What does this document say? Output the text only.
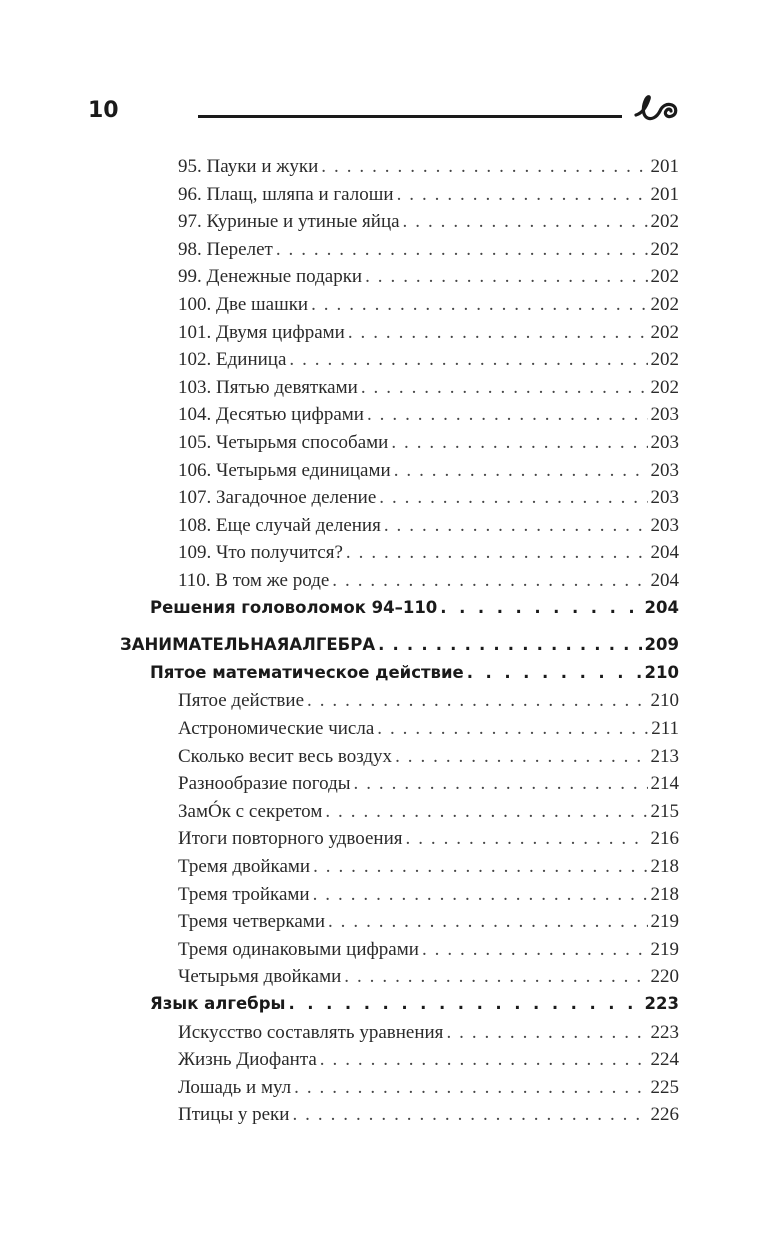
10
95. Пауки и жуки . . .	201
96. Плащ, шляпа и галоши . . .	201
97. Куриные и утиные яйца . . .	202
98. Перелет . . .	202
99. Денежные подарки . . .	202
100. Две шашки . . .	202
101. Двумя цифрами . . .	202
102. Единица . . .	202
103. Пятью девятками . . .	202
104. Десятью цифрами . . .	203
105. Четырьмя способами . . .	203
106. Четырьмя единицами . . .	203
107. Загадочное деление . . .	203
108. Еще случай деления . . .	203
109. Что получится? . . .	204
110. В том же роде . . .	204
Решения головоломок 94–110 . . .	204
ЗАНИМАТЕЛЬНАЯАЛГЕБРА . . .	209
Пятое математическое действие . . .	210
Пятое действие . . .	210
Астрономические числа . . .	211
Сколько весит весь воздух . . .	213
Разнообразие погоды . . .	214
ЗамÓк с секретом . . .	215
Итоги повторного удвоения . . .	216
Тремя двойками . . .	218
Тремя тройками . . .	218
Тремя четверками . . .	219
Тремя одинаковыми цифрами . . .	219
Четырьмя двойками . . .	220
Язык алгебры . . .	223
Искусство составлять уравнения . . .	223
Жизнь Диофанта . . .	224
Лошадь и мул . . .	225
Птицы у реки . . .	226
